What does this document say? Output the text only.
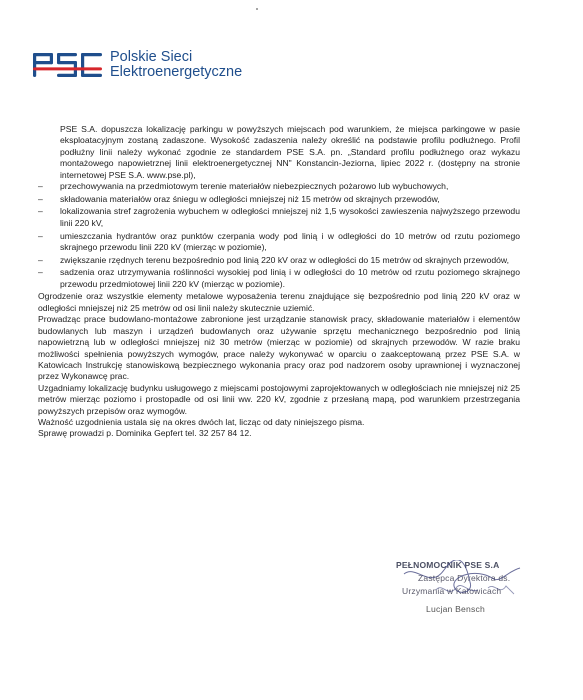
Polskie Sieci
Elektroenergetyczne

PSE S.A. dopuszcza lokalizację parkingu w powyższych miejscach pod warunkiem, że miejsca parkingowe w pasie eksploatacyjnym zostaną zadaszone. Wysokość zadaszenia należy określić na podstawie profilu podłużnego. Profil podłużny linii należy wykonać zgodnie ze standardem PSE S.A. pn. „Standard profilu podłużnego oraz wykazu montażowego napowietrznej linii elektroenergetycznej NN" Konstancin-Jeziorna, lipiec 2022 r. (dostępny na stronie internetowej PSE S.A. www.pse.pl),

– przechowywania na przedmiotowym terenie materiałów niebezpiecznych pożarowo lub wybuchowych,
– składowania materiałów oraz śniegu w odległości mniejszej niż 15 metrów od skrajnych przewodów,
– lokalizowania stref zagrożenia wybuchem w odległości mniejszej niż 1,5 wysokości zawieszenia najwyższego przewodu linii 220 kV,
– umieszczania hydrantów oraz punktów czerpania wody pod linią i w odległości do 10 metrów od rzutu poziomego skrajnego przewodu linii 220 kV (mierząc w poziomie),
– zwiększanie rzędnych terenu bezpośrednio pod linią 220 kV oraz w odległości do 15 metrów od skrajnych przewodów,
– sadzenia oraz utrzymywania roślinności wysokiej pod linią i w odległości do 10 metrów od rzutu poziomego skrajnego przewodu przedmiotowej linii 220 kV (mierząc w poziomie).

Ogrodzenie oraz wszystkie elementy metalowe wyposażenia terenu znajdujące się bezpośrednio pod linią 220 kV oraz w odległości mniejszej niż 25 metrów od osi linii należy skutecznie uziemić.

Prowadząc prace budowlano-montażowe zabronione jest urządzanie stanowisk pracy, składowanie materiałów i elementów budowlanych lub maszyn i urządzeń budowlanych oraz używanie sprzętu mechanicznego bezpośrednio pod linią napowietrzną lub w odległości mniejszej niż 30 metrów (mierząc w poziomie) od skrajnych przewodów. W razie braku możliwości spełnienia powyższych wymogów, prace należy wykonywać w oparciu o zaakceptowaną przez PSE S.A. w Katowicach Instrukcję stanowiskową bezpiecznego wykonania pracy oraz pod nadzorem osoby uprawnionej i wyznaczonej przez Wykonawcę prac.

Uzgadniamy lokalizację budynku usługowego z miejscami postojowymi zaprojektowanych w odległościach nie mniejszej niż 25 metrów mierząc poziomo i prostopadle od osi linii ww. 220 kV, zgodnie z przesłaną mapą, pod warunkiem przestrzegania powyższych przepisów oraz wymogów.

Ważność uzgodnienia ustala się na okres dwóch lat, licząc od daty niniejszego pisma.

Sprawę prowadzi p. Dominika Gepfert tel. 32 257 84 12.

PEŁNOMOCNIK PSE S.A
Zastępca Dyrektora ds.
Urzymania w Katowicach
Lucjan Bensch
